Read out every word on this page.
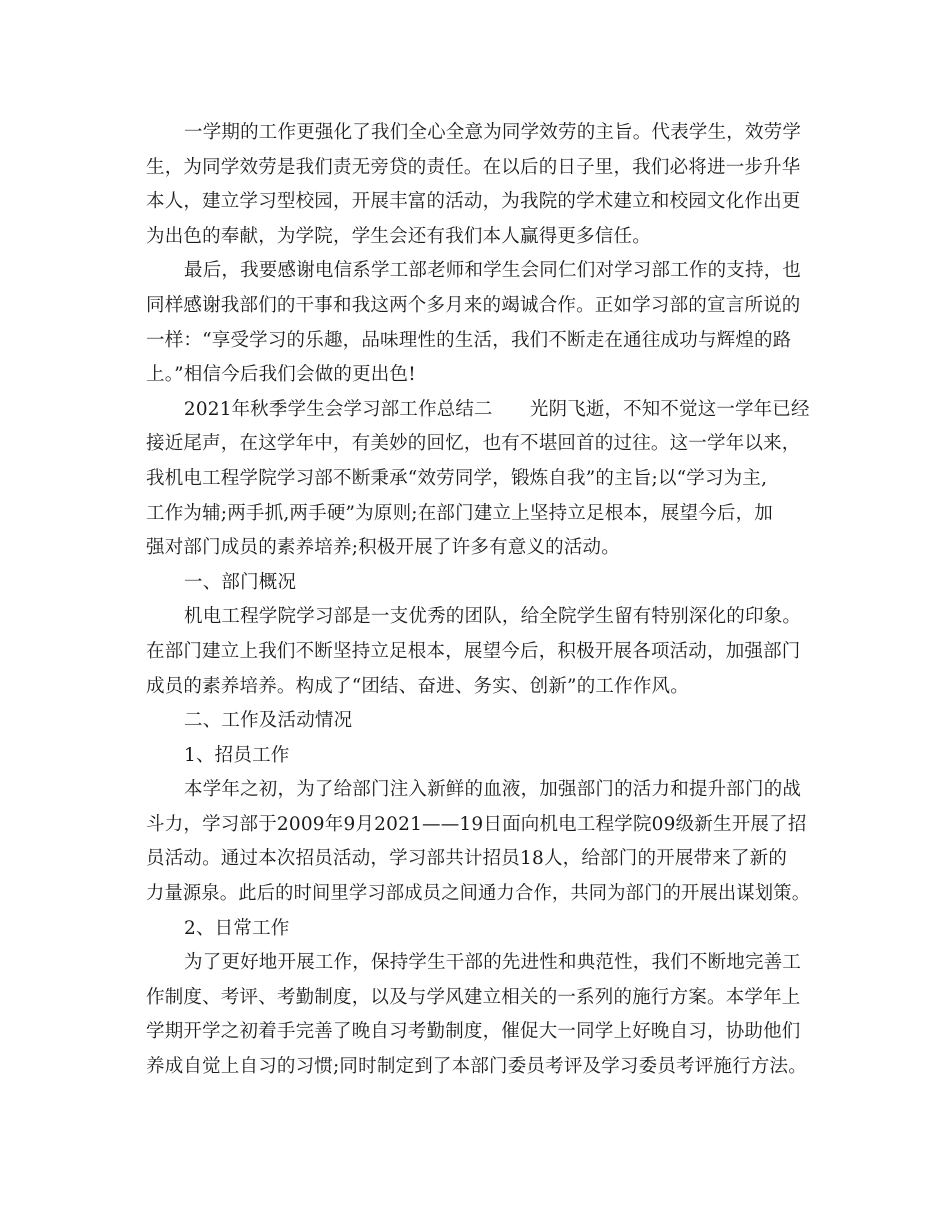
一学期的工作更强化了我们全心全意为同学效劳的主旨。代表学生，效劳学
生，为同学效劳是我们责无旁贷的责任。在以后的日子里，我们必将进一步升华
本人，建立学习型校园，开展丰富的活动，为我院的学术建立和校园文化作出更
为出色的奉献，为学院，学生会还有我们本人赢得更多信任。
最后，我要感谢电信系学工部老师和学生会同仁们对学习部工作的支持，也
同样感谢我部们的干事和我这两个多月来的竭诚合作。正如学习部的宣言所说的
一样：“享受学习的乐趣，品味理性的生活，我们不断走在通往成功与辉煌的路
上。”相信今后我们会做的更出色!
2021年秋季学生会学习部工作总结二　　光阴飞逝，不知不觉这一学年已经
接近尾声，在这学年中，有美妙的回忆，也有不堪回首的过往。这一学年以来，
我机电工程学院学习部不断秉承“效劳同学，锻炼自我”的主旨;以“学习为主,
工作为辅;两手抓,两手硬”为原则;在部门建立上坚持立足根本，展望今后，加
强对部门成员的素养培养;积极开展了许多有意义的活动。
一、部门概况
机电工程学院学习部是一支优秀的团队，给全院学生留有特别深化的印象。
在部门建立上我们不断坚持立足根本，展望今后，积极开展各项活动，加强部门
成员的素养培养。构成了“团结、奋进、务实、创新”的工作作风。
二、工作及活动情况
1、招员工作
本学年之初，为了给部门注入新鲜的血液，加强部门的活力和提升部门的战
斗力，学习部于2009年9月2021——19日面向机电工程学院09级新生开展了招
员活动。通过本次招员活动，学习部共计招员18人，给部门的开展带来了新的
力量源泉。此后的时间里学习部成员之间通力合作，共同为部门的开展出谋划策。
2、日常工作
为了更好地开展工作，保持学生干部的先进性和典范性，我们不断地完善工
作制度、考评、考勤制度，以及与学风建立相关的一系列的施行方案。本学年上
学期开学之初着手完善了晚自习考勤制度，催促大一同学上好晚自习，协助他们
养成自觉上自习的习惯;同时制定到了本部门委员考评及学习委员考评施行方法。
